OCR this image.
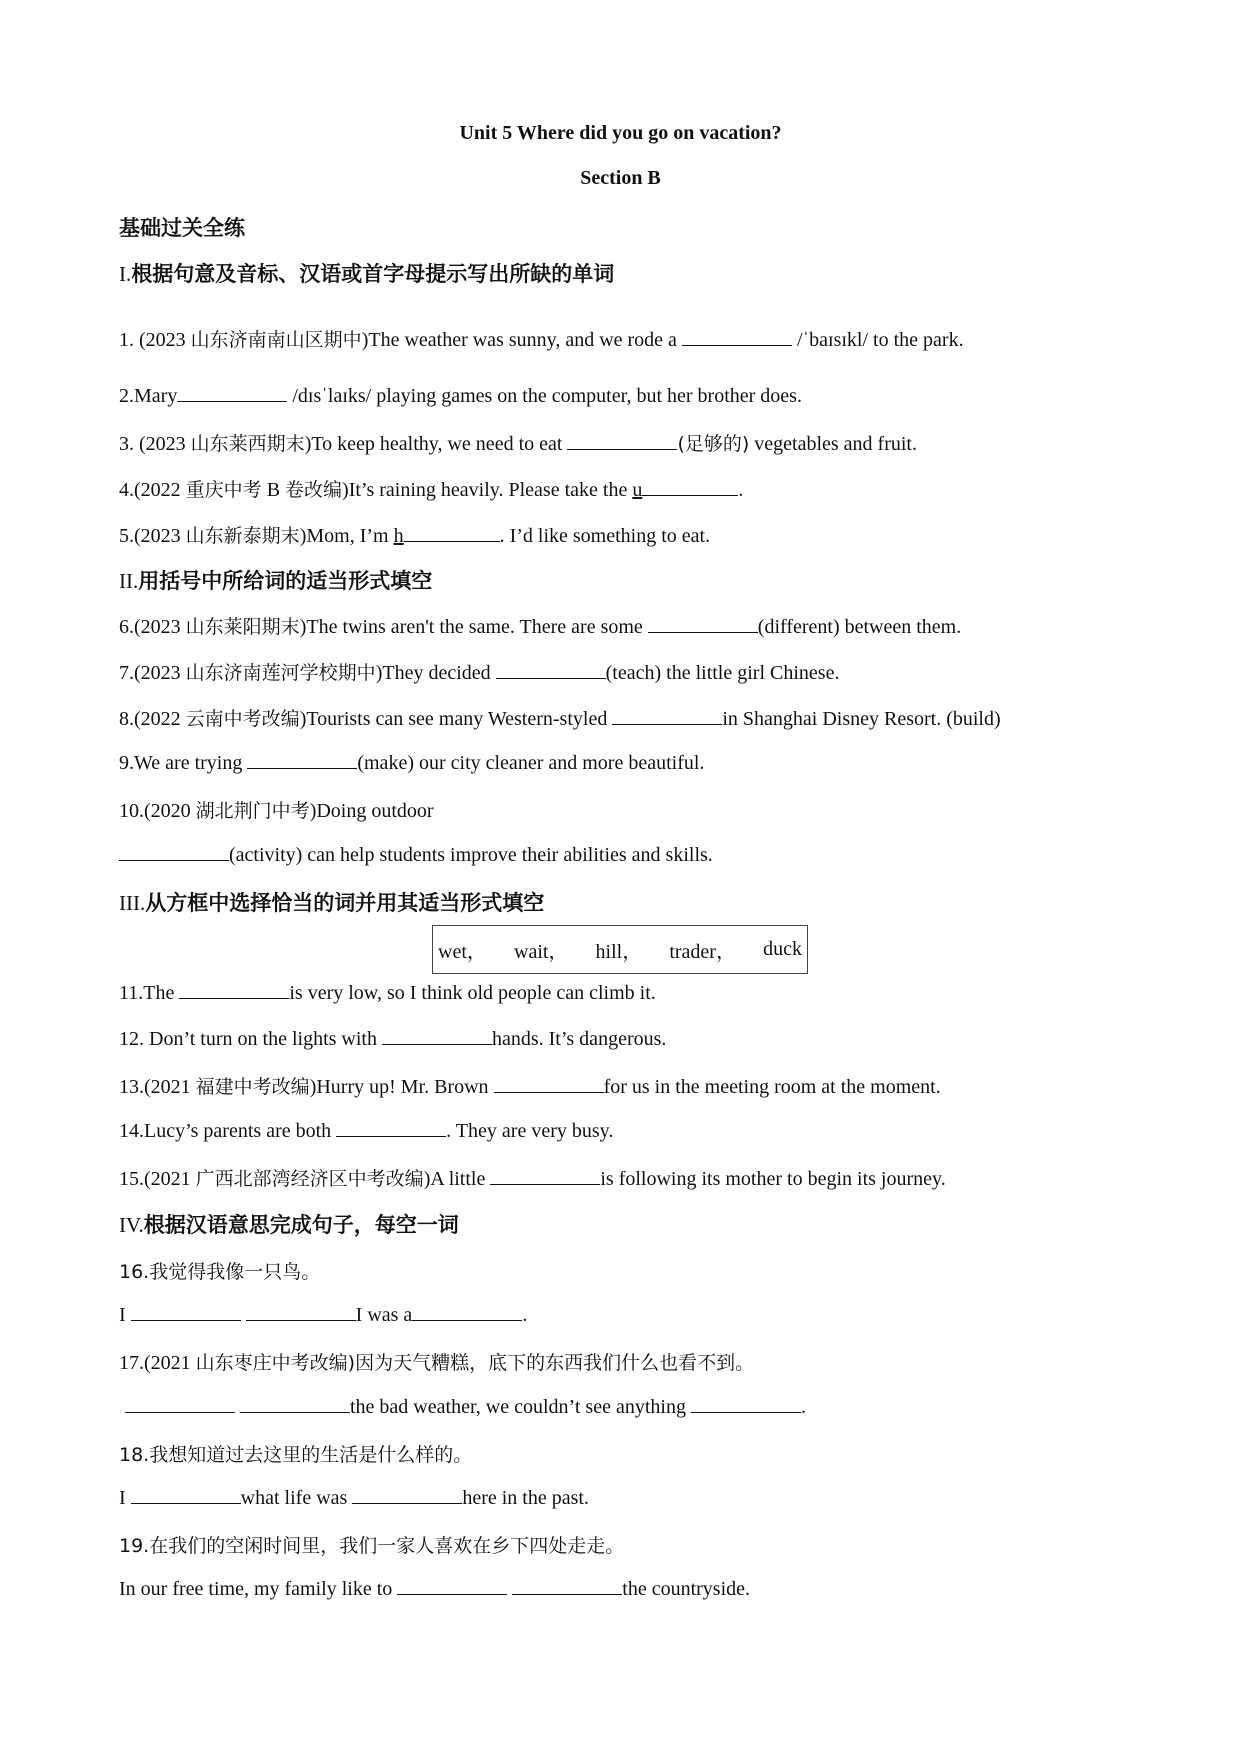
Unit 5 Where did you go on vacation?
Section B
基础过关全练
I.根据句意及音标、汉语或首字母提示写出所缺的单词
1. (2023 山东济南南山区期中)The weather was sunny, and we rode a	/ˈbaɪsɪkl/ to the park.
2.Mary	/dɪsˈlaɪks/ playing games on the computer, but her brother does.
3. (2023 山东莱西期末)To keep healthy, we need to eat	(足够的) vegetables and fruit.
4.(2022 重庆中考 B 卷改编)It’s raining heavily. Please take the u	.
5.(2023 山东新泰期末)Mom, I’m h	. I’d like something to eat.
II.用括号中所给词的适当形式填空
6.(2023 山东莱阳期末)The twins aren't the same. There are some	(different) between them.
7.(2023 山东济南莲河学校期中)They decided	(teach) the little girl Chinese.
8.(2022 云南中考改编)Tourists can see many Western-styled	in Shanghai Disney Resort. (build)
9.We are trying	(make) our city cleaner and more beautiful.
10.(2020 湖北荆门中考)Doing outdoor
(activity) can help students improve their abilities and skills.
III.从方框中选择恰当的词并用其适当形式填空
wet， wait， hill， trader， duck
11.The	is very low, so I think old people can climb it.
12. Don’t turn on the lights with	hands. It’s dangerous.
13.(2021 福建中考改编)Hurry up! Mr. Brown	for us in the meeting room at the moment.
14.Lucy’s parents are both	. They are very busy.
15.(2021 广西北部湾经济区中考改编)A little	is following its mother to begin its journey.
IV.根据汉语意思完成句子，每空一词
16.我觉得我像一只鸟。
I	I was a	.
17.(2021 山东枣庄中考改编)因为天气糟糕，底下的东西我们什么也看不到。
the bad weather, we couldn’t see anything	.
18.我想知道过去这里的生活是什么样的。
I	what life was	here in the past.
19.在我们的空闲时间里，我们一家人喜欢在乡下四处走走。
In our free time, my family like to	the countryside.
